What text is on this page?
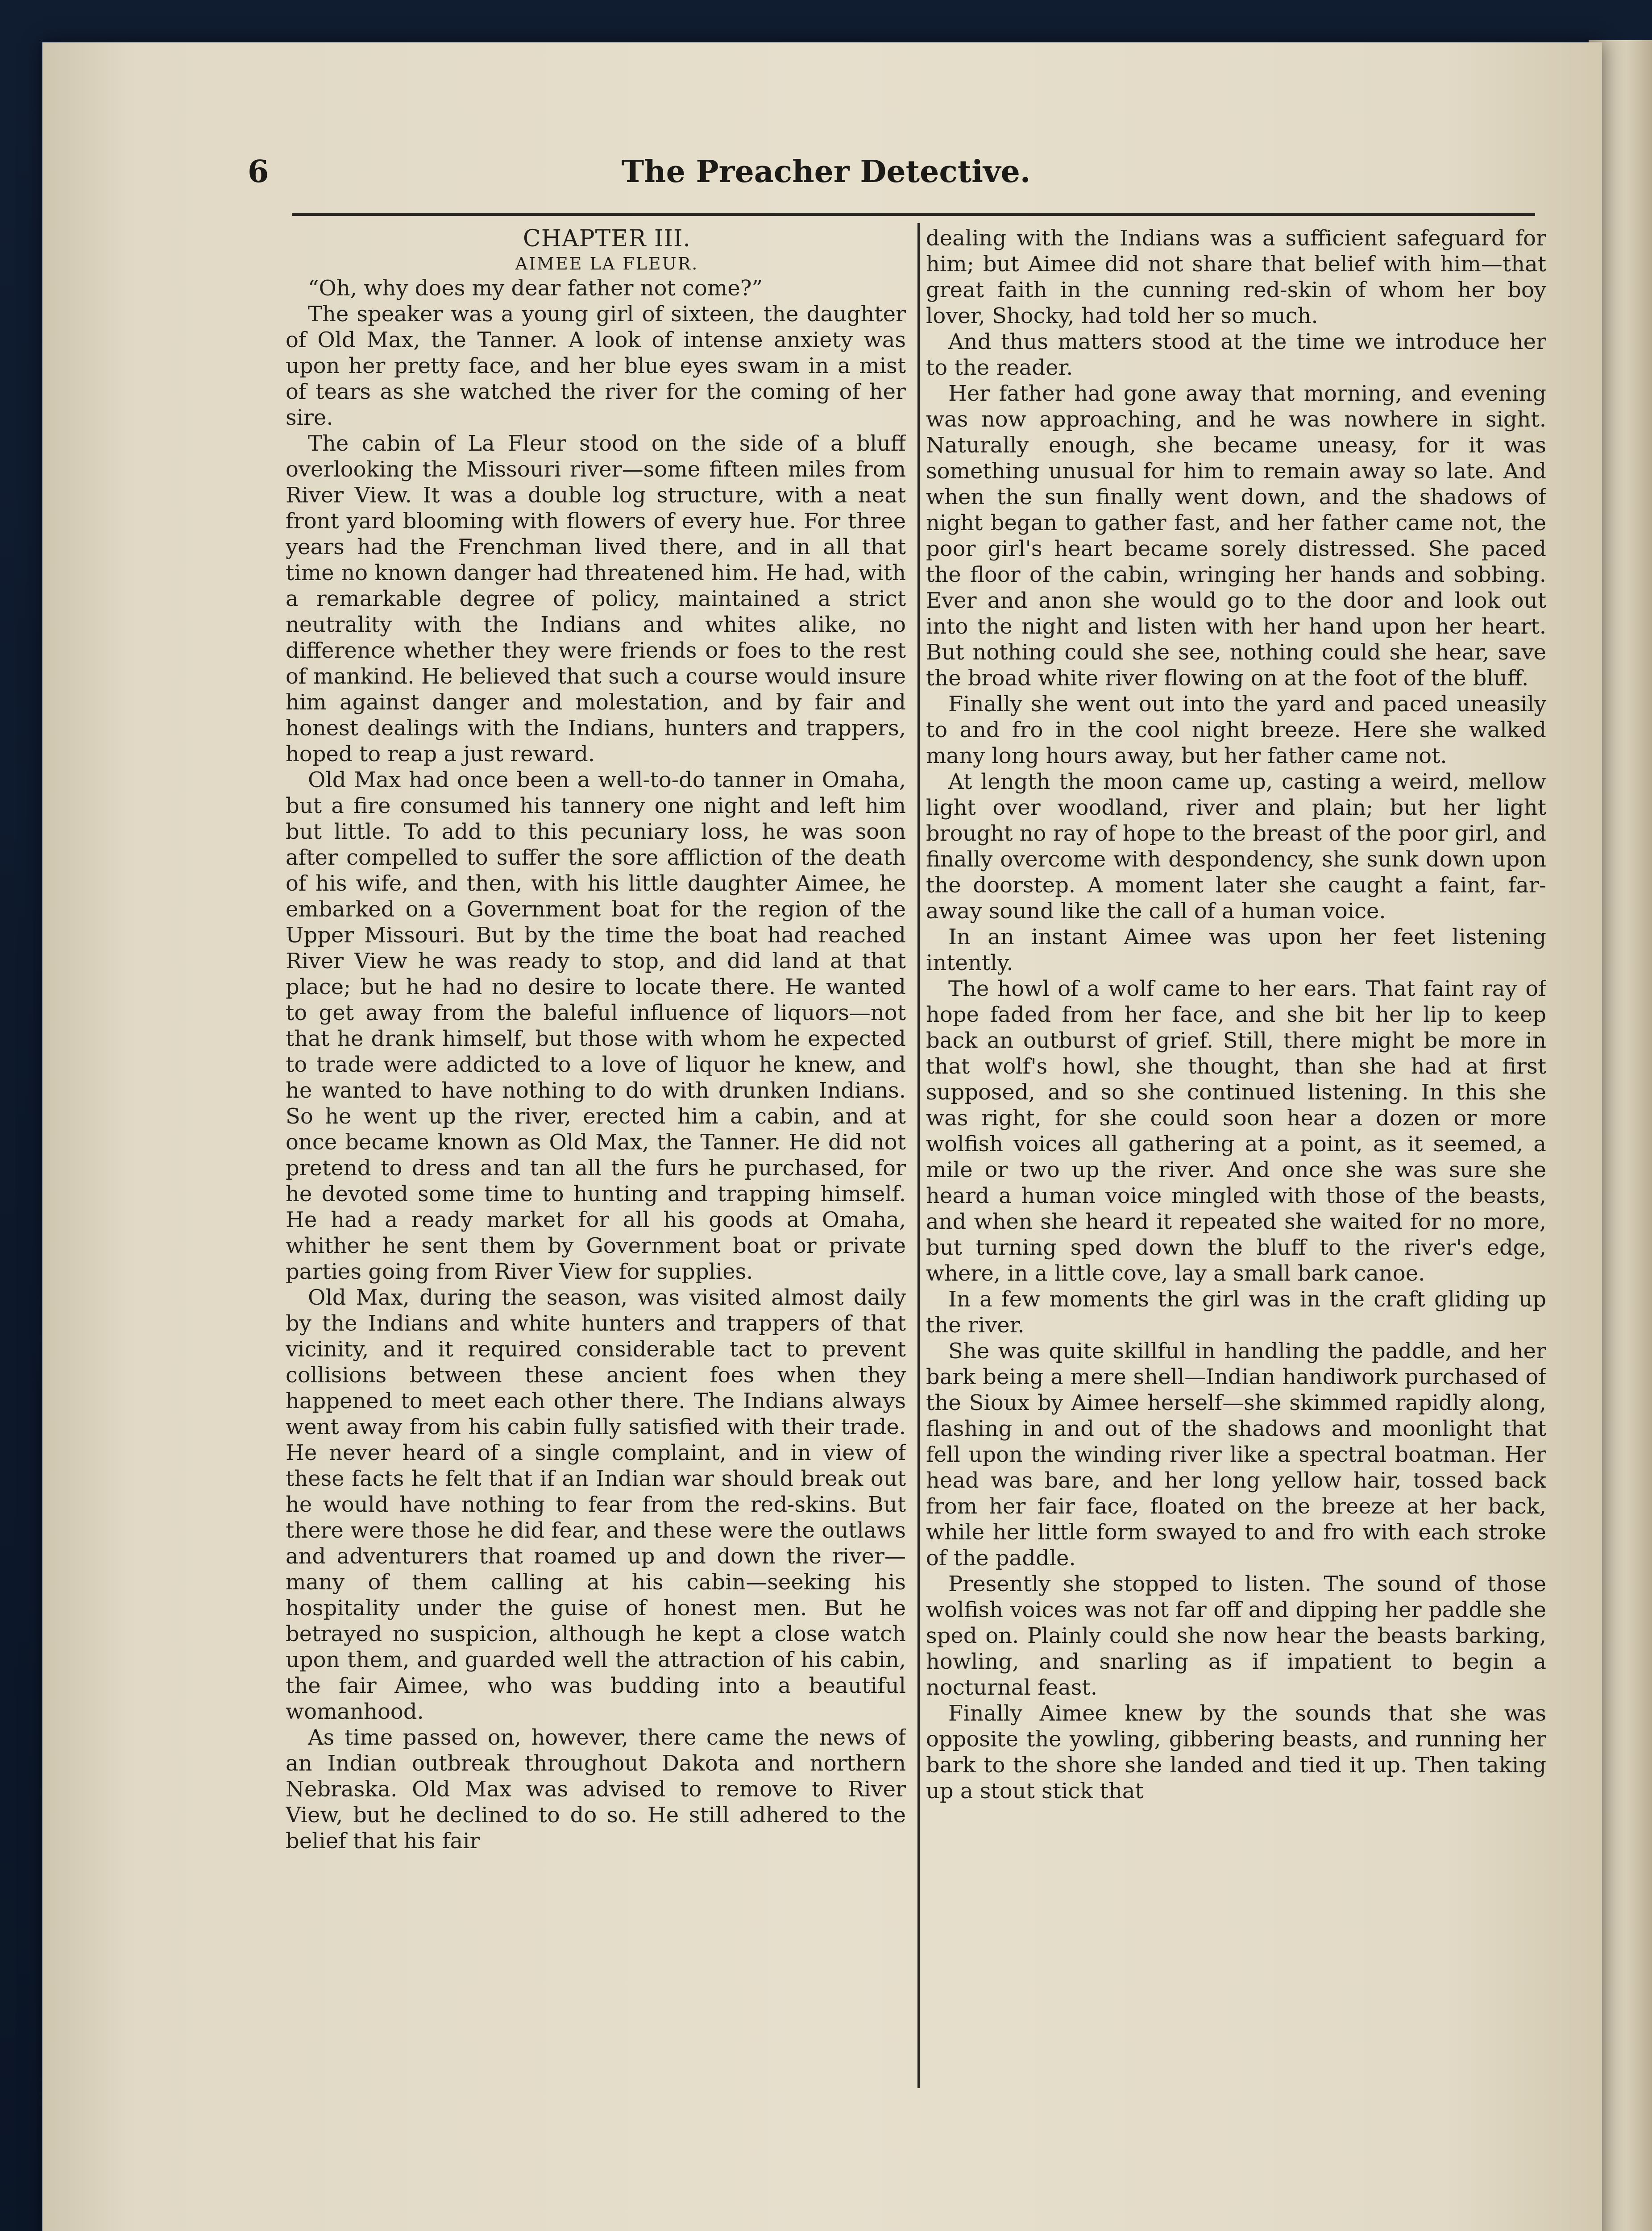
6	The Preacher Detective.

CHAPTER III.

AIMEE LA FLEUR.

“Oh, why does my dear father not come?”

The speaker was a young girl of sixteen, the daughter of Old Max, the Tanner. A look of intense anxiety was upon her pretty face, and her blue eyes swam in a mist of tears as she watched the river for the coming of her sire.

The cabin of La Fleur stood on the side of a bluff overlooking the Missouri river—some fifteen miles from River View. It was a double log structure, with a neat front yard blooming with flowers of every hue. For three years had the Frenchman lived there, and in all that time no known danger had threatened him. He had, with a remarkable degree of policy, maintained a strict neutrality with the Indians and whites alike, no difference whether they were friends or foes to the rest of mankind. He believed that such a course would insure him against danger and molestation, and by fair and honest dealings with the Indians, hunters and trappers, hoped to reap a just reward.

Old Max had once been a well-to-do tanner in Omaha, but a fire consumed his tannery one night and left him but little. To add to this pecuniary loss, he was soon after compelled to suffer the sore affliction of the death of his wife, and then, with his little daughter Aimee, he embarked on a Government boat for the region of the Upper Missouri. But by the time the boat had reached River View he was ready to stop, and did land at that place; but he had no desire to locate there. He wanted to get away from the baleful influence of liquors—not that he drank himself, but those with whom he expected to trade were addicted to a love of liquor he knew, and he wanted to have nothing to do with drunken Indians. So he went up the river, erected him a cabin, and at once became known as Old Max, the Tanner. He did not pretend to dress and tan all the furs he purchased, for he devoted some time to hunting and trapping himself. He had a ready market for all his goods at Omaha, whither he sent them by Government boat or private parties going from River View for supplies.

Old Max, during the season, was visited almost daily by the Indians and white hunters and trappers of that vicinity, and it required considerable tact to prevent collisions between these ancient foes when they happened to meet each other there. The Indians always went away from his cabin fully satisfied with their trade. He never heard of a single complaint, and in view of these facts he felt that if an Indian war should break out he would have nothing to fear from the red-skins. But there were those he did fear, and these were the outlaws and adventurers that roamed up and down the river—many of them calling at his cabin—seeking his hospitality under the guise of honest men. But he betrayed no suspicion, although he kept a close watch upon them, and guarded well the attraction of his cabin, the fair Aimee, who was budding into a beautiful womanhood.

As time passed on, however, there came the news of an Indian outbreak throughout Dakota and northern Nebraska. Old Max was advised to remove to River View, but he declined to do so. He still adhered to the belief that his fair

dealing with the Indians was a sufficient safeguard for him; but Aimee did not share that belief with him—that great faith in the cunning red-skin of whom her boy lover, Shocky, had told her so much.

And thus matters stood at the time we introduce her to the reader.

Her father had gone away that morning, and evening was now approaching, and he was nowhere in sight. Naturally enough, she became uneasy, for it was something unusual for him to remain away so late. And when the sun finally went down, and the shadows of night began to gather fast, and her father came not, the poor girl's heart became sorely distressed. She paced the floor of the cabin, wringing her hands and sobbing. Ever and anon she would go to the door and look out into the night and listen with her hand upon her heart. But nothing could she see, nothing could she hear, save the broad white river flowing on at the foot of the bluff.

Finally she went out into the yard and paced uneasily to and fro in the cool night breeze. Here she walked many long hours away, but her father came not.

At length the moon came up, casting a weird, mellow light over woodland, river and plain; but her light brought no ray of hope to the breast of the poor girl, and finally overcome with despondency, she sunk down upon the doorstep. A moment later she caught a faint, far-away sound like the call of a human voice.

In an instant Aimee was upon her feet listening intently.

The howl of a wolf came to her ears. That faint ray of hope faded from her face, and she bit her lip to keep back an outburst of grief. Still, there might be more in that wolf's howl, she thought, than she had at first supposed, and so she continued listening. In this she was right, for she could soon hear a dozen or more wolfish voices all gathering at a point, as it seemed, a mile or two up the river. And once she was sure she heard a human voice mingled with those of the beasts, and when she heard it repeated she waited for no more, but turning sped down the bluff to the river's edge, where, in a little cove, lay a small bark canoe.

In a few moments the girl was in the craft gliding up the river.

She was quite skillful in handling the paddle, and her bark being a mere shell—Indian handiwork purchased of the Sioux by Aimee herself—she skimmed rapidly along, flashing in and out of the shadows and moonlight that fell upon the winding river like a spectral boatman. Her head was bare, and her long yellow hair, tossed back from her fair face, floated on the breeze at her back, while her little form swayed to and fro with each stroke of the paddle.

Presently she stopped to listen. The sound of those wolfish voices was not far off and dipping her paddle she sped on. Plainly could she now hear the beasts barking, howling, and snarling as if impatient to begin a nocturnal feast.

Finally Aimee knew by the sounds that she was opposite the yowling, gibbering beasts, and running her bark to the shore she landed and tied it up. Then taking up a stout stick that
